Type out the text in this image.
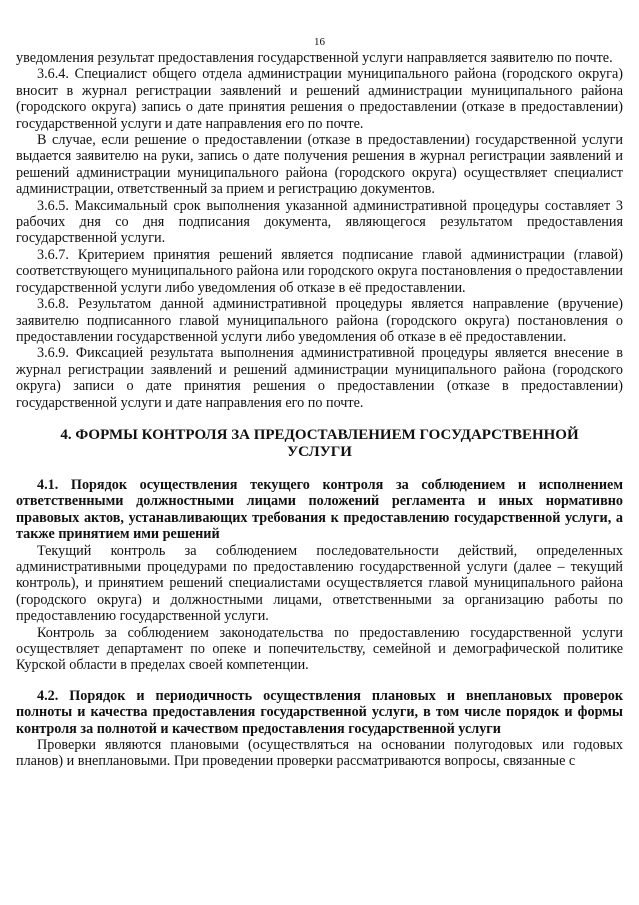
16

уведомления результат предоставления государственной услуги направляется заявителю по почте.

3.6.4. Специалист общего отдела администрации муниципального района (городского округа) вносит в журнал регистрации заявлений и решений администрации муниципального района (городского округа) запись о дате принятия решения о предоставлении (отказе в предоставлении) государственной услуги и дате направления его по почте.

В случае, если решение о предоставлении (отказе в предоставлении) государственной услуги выдается заявителю на руки, запись о дате получения решения в журнал регистрации заявлений и решений администрации муниципального района (городского округа) осуществляет специалист администрации, ответственный за прием и регистрацию документов.

3.6.5. Максимальный срок выполнения указанной административной процедуры составляет 3 рабочих дня со дня подписания документа, являющегося результатом предоставления государственной услуги.

3.6.7. Критерием принятия решений является подписание главой администрации (главой) соответствующего муниципального района или городского округа постановления о предоставлении государственной услуги либо уведомления об отказе в её предоставлении.

3.6.8. Результатом данной административной процедуры является направление (вручение) заявителю подписанного главой муниципального района (городского округа) постановления о предоставлении государственной услуги либо уведомления об отказе в её предоставлении.

3.6.9. Фиксацией результата выполнения административной процедуры является внесение в журнал регистрации заявлений и решений администрации муниципального района (городского округа) записи о дате принятия решения о предоставлении (отказе в предоставлении) государственной услуги и дате направления его по почте.

4. ФОРМЫ КОНТРОЛЯ ЗА ПРЕДОСТАВЛЕНИЕМ ГОСУДАРСТВЕННОЙ УСЛУГИ

4.1. Порядок осуществления текущего контроля за соблюдением и исполнением ответственными должностными лицами положений регламента и иных нормативно правовых актов, устанавливающих требования к предоставлению государственной услуги, а также принятием ими решений

Текущий контроль за соблюдением последовательности действий, определенных административными процедурами по предоставлению государственной услуги (далее – текущий контроль), и принятием решений специалистами осуществляется главой муниципального района (городского округа) и должностными лицами, ответственными за организацию работы по предоставлению государственной услуги.

Контроль за соблюдением законодательства по предоставлению государственной услуги осуществляет департамент по опеке и попечительству, семейной и демографической политике Курской области в пределах своей компетенции.

4.2. Порядок и периодичность осуществления плановых и внеплановых проверок полноты и качества предоставления государственной услуги, в том числе порядок и формы контроля за полнотой и качеством предоставления государственной услуги

Проверки являются плановыми (осуществляться на основании полугодовых или годовых планов) и внеплановыми. При проведении проверки рассматриваются вопросы, связанные с
